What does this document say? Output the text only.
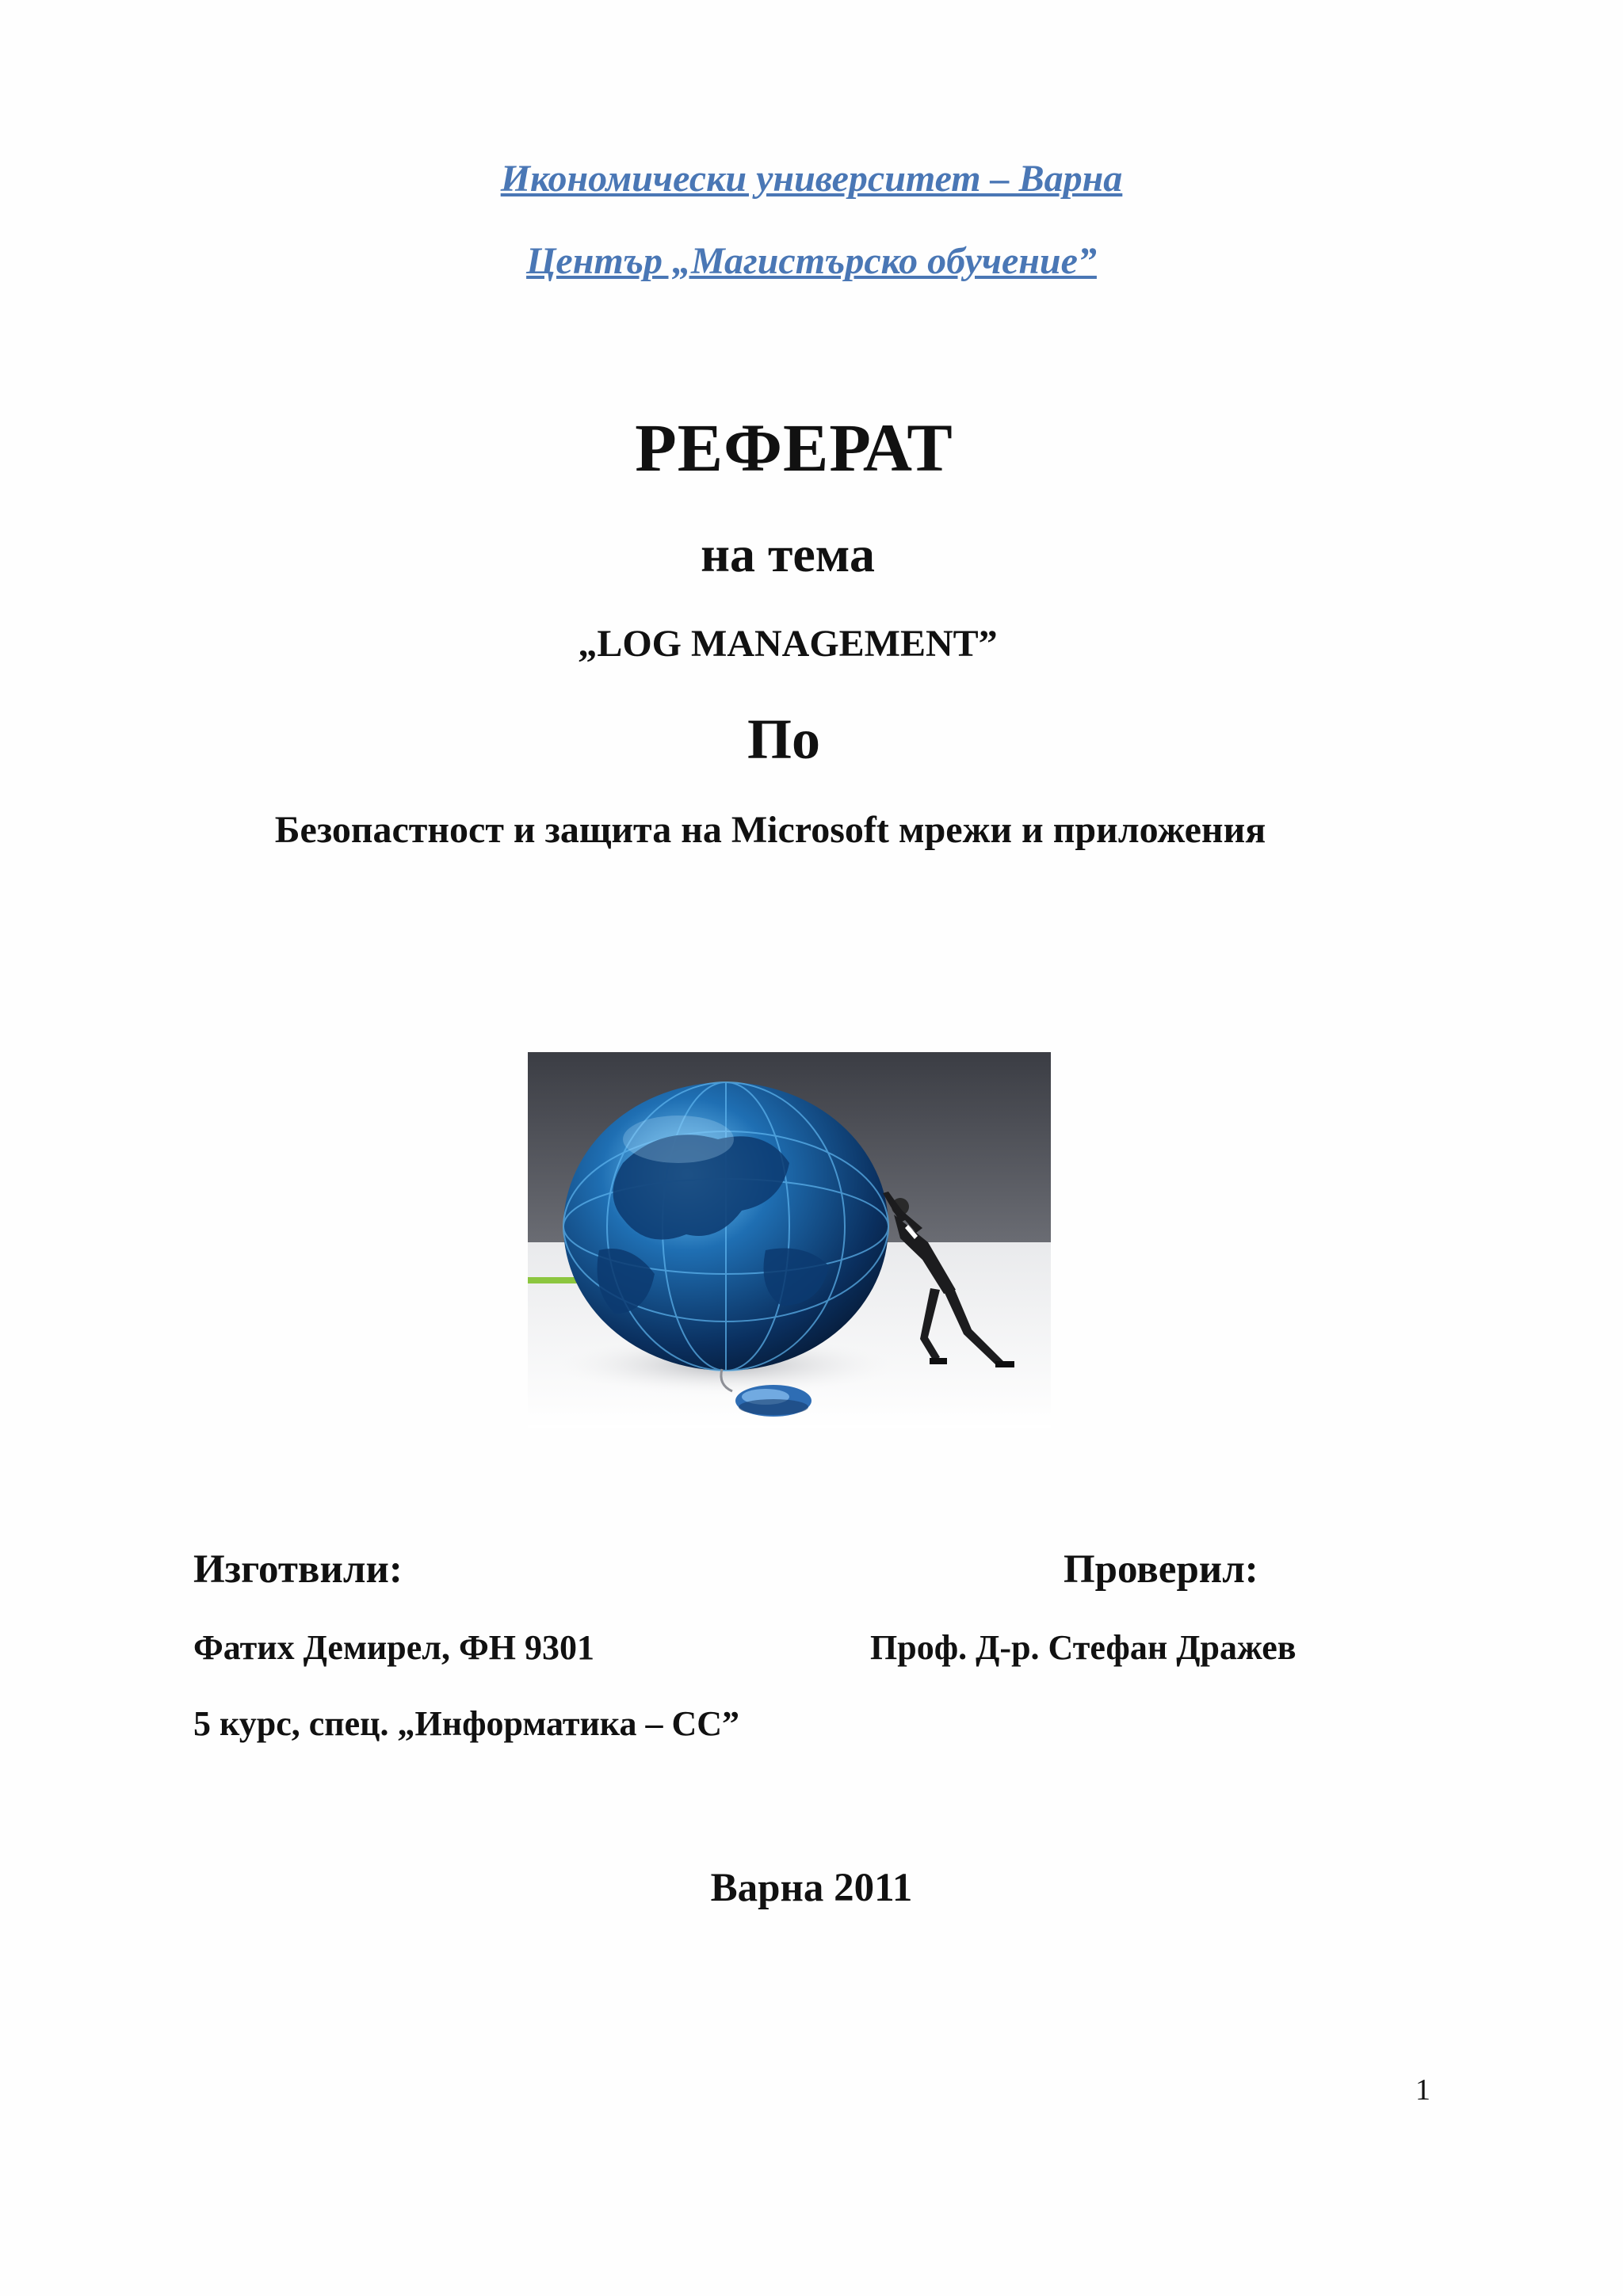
Икономически университет – Варна
Център „Магистърско обучение”
РЕФЕРАТ
на тема
„LOG MANAGEMENT”
По
Безопастност и защита на Microsoft мрежи и приложения
Изготвили:	Проверил:
Фатих Демирел, ФН 9301	Проф. Д-р. Стефан Дражев
5 курс, спец. „Информатика – СС”
Варна 2011
1
